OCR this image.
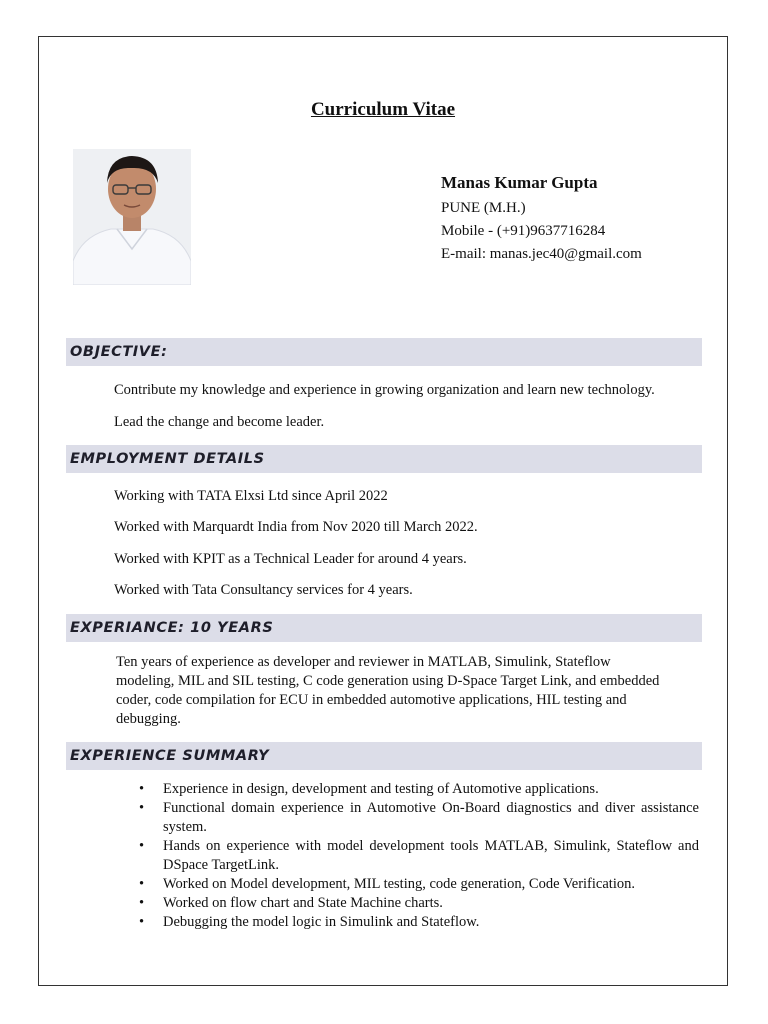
Curriculum Vitae
Manas Kumar Gupta
PUNE (M.H.)
Mobile - (+91)9637716284
E-mail: manas.jec40@gmail.com
OBJECTIVE:
Contribute my knowledge and experience in growing organization and learn new technology.
Lead the change and become leader.
EMPLOYMENT DETAILS
Working with TATA Elxsi Ltd since April 2022
Worked with Marquardt India from Nov 2020 till March 2022.
Worked with KPIT as a Technical Leader for around 4 years.
Worked with Tata Consultancy services for 4 years.
EXPERIANCE: 10 YEARS
Ten years of experience as developer and reviewer in MATLAB, Simulink, Stateflow modeling, MIL and SIL testing, C code generation using D-Space Target Link, and embedded coder, code compilation for ECU in embedded automotive applications, HIL testing and debugging.
EXPERIENCE SUMMARY
• Experience in design, development and testing of Automotive applications.
• Functional domain experience in Automotive On-Board diagnostics and diver assistance system.
• Hands on experience with model development tools MATLAB, Simulink, Stateflow and DSpace TargetLink.
• Worked on Model development, MIL testing, code generation, Code Verification.
• Worked on flow chart and State Machine charts.
• Debugging the model logic in Simulink and Stateflow.
